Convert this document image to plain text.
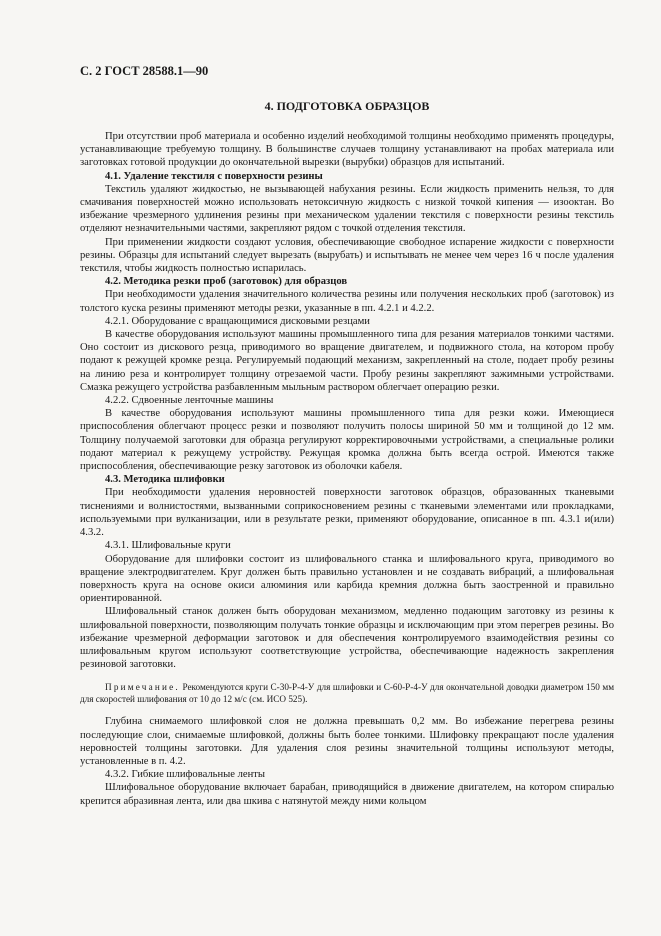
С. 2 ГОСТ 28588.1—90
4. ПОДГОТОВКА ОБРАЗЦОВ

При отсутствии проб материала и особенно изделий необходимой толщины необходимо применять процедуры, устанавливающие требуемую толщину. В большинстве случаев толщину устанавливают на пробах материала или заготовках готовой продукции до окончательной вырезки (вырубки) образцов для испытаний.

4.1. Удаление текстиля с поверхности резины

Текстиль удаляют жидкостью, не вызывающей набухания резины. Если жидкость применить нельзя, то для смачивания поверхностей можно использовать нетоксичную жидкость с низкой точкой кипения — изооктан. Во избежание чрезмерного удлинения резины при механическом удалении текстиля с поверхности резины текстиль отделяют незначительными частями, закрепляют рядом с точкой отделения текстиля.

При применении жидкости создают условия, обеспечивающие свободное испарение жидкости с поверхности резины. Образцы для испытаний следует вырезать (вырубать) и испытывать не менее чем через 16 ч после удаления текстиля, чтобы жидкость полностью испарилась.

4.2. Методика резки проб (заготовок) для образцов

При необходимости удаления значительного количества резины или получения нескольких проб (заготовок) из толстого куска резины применяют методы резки, указанные в пп. 4.2.1 и 4.2.2.

4.2.1. Оборудование с вращающимися дисковыми резцами

В качестве оборудования используют машины промышленного типа для резания материалов тонкими частями. Оно состоит из дискового резца, приводимого во вращение двигателем, и подвижного стола, на котором пробу подают к режущей кромке резца. Регулируемый подающий механизм, закрепленный на столе, подает пробу резины на линию реза и контролирует толщину отрезаемой части. Пробу резины закрепляют зажимными устройствами. Смазка режущего устройства разбавленным мыльным раствором облегчает операцию резки.

4.2.2. Сдвоенные ленточные машины

В качестве оборудования используют машины промышленного типа для резки кожи. Имеющиеся приспособления облегчают процесс резки и позволяют получить полосы шириной 50 мм и толщиной до 12 мм. Толщину получаемой заготовки для образца регулируют корректировочными устройствами, а специальные ролики подают материал к режущему устройству. Режущая кромка должна быть всегда острой. Имеются также приспособления, обеспечивающие резку заготовок из оболочки кабеля.

4.3. Методика шлифовки

При необходимости удаления неровностей поверхности заготовок образцов, образованных тканевыми тиснениями и волнистостями, вызванными соприкосновением резины с тканевыми элементами или прокладками, используемыми при вулканизации, или в результате резки, применяют оборудование, описанное в пп. 4.3.1 и(или) 4.3.2.

4.3.1. Шлифовальные круги

Оборудование для шлифовки состоит из шлифовального станка и шлифовального круга, приводимого во вращение электродвигателем. Круг должен быть правильно установлен и не создавать вибраций, а шлифовальная поверхность круга на основе окиси алюминия или карбида кремния должна быть заостренной и правильно ориентированной.

Шлифовальный станок должен быть оборудован механизмом, медленно подающим заготовку из резины к шлифовальной поверхности, позволяющим получать тонкие образцы и исключающим при этом перегрев резины. Во избежание чрезмерной деформации заготовок и для обеспечения контролируемого взаимодействия резины со шлифовальным кругом используют соответствующие устройства, обеспечивающие надежность закрепления резиновой заготовки.

Примечание. Рекомендуются круги С-30-Р-4-У для шлифовки и С-60-Р-4-У для окончательной доводки диаметром 150 мм для скоростей шлифования от 10 до 12 м/с (см. ИСО 525).

Глубина снимаемого шлифовкой слоя не должна превышать 0,2 мм. Во избежание перегрева резины последующие слои, снимаемые шлифовкой, должны быть более тонкими. Шлифовку прекращают после удаления неровностей толщины заготовки. Для удаления слоя резины значительной толщины используют методы, установленные в п. 4.2.

4.3.2. Гибкие шлифовальные ленты

Шлифовальное оборудование включает барабан, приводящийся в движение двигателем, на котором спиралью крепится абразивная лента, или два шкива с натянутой между ними кольцом
